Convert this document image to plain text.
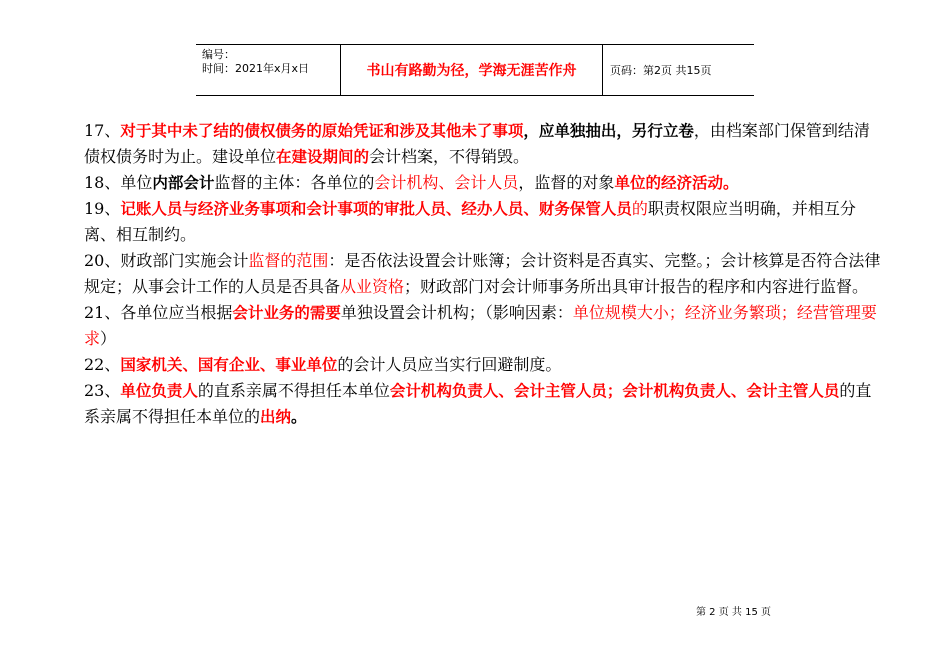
编号：
时间：2021年x月x日	书山有路勤为径，学海无涯苦作舟	页码：第2页 共15页

17、对于其中未了结的债权债务的原始凭证和涉及其他未了事项，应单独抽出，另行立卷，由档案部门保管到结清债权债务时为止。建设单位在建设期间的会计档案，不得销毁。

18、单位内部会计监督的主体：各单位的会计机构、会计人员，监督的对象单位的经济活动。

19、记账人员与经济业务事项和会计事项的审批人员、经办人员、财务保管人员的职责权限应当明确，并相互分离、相互制约。

20、财政部门实施会计监督的范围：是否依法设置会计账簿；会计资料是否真实、完整。；会计核算是否符合法律规定；从事会计工作的人员是否具备从业资格；财政部门对会计师事务所出具审计报告的程序和内容进行监督。

21、各单位应当根据会计业务的需要单独设置会计机构；（影响因素：单位规模大小；经济业务繁琐；经营管理要求）

22、国家机关、国有企业、事业单位的会计人员应当实行回避制度。

23、单位负责人的直系亲属不得担任本单位会计机构负责人、会计主管人员；会计机构负责人、会计主管人员的直系亲属不得担任本单位的出纳。

第 2 页 共 15 页
